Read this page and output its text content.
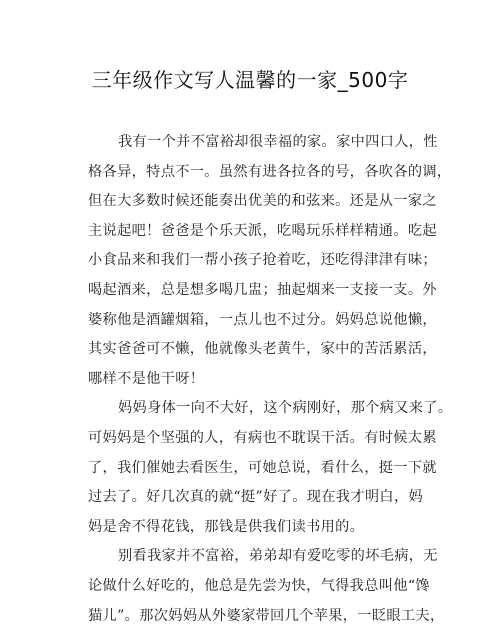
三年级作文写人温馨的一家_500字
我有一个并不富裕却很幸福的家。家中四口人，性
格各异，特点不一。虽然有进各拉各的号，各吹各的调，
但在大多数时候还能奏出优美的和弦来。还是从一家之
主说起吧！爸爸是个乐天派，吃喝玩乐样样精通。吃起
小食品来和我们一帮小孩子抢着吃，还吃得津津有味；
喝起酒来，总是想多喝几盅；抽起烟来一支接一支。外
婆称他是酒罐烟箱，一点儿也不过分。妈妈总说他懒，
其实爸爸可不懒，他就像头老黄牛，家中的苦活累活，
哪样不是他干呀！
妈妈身体一向不大好，这个病刚好，那个病又来了。
可妈妈是个坚强的人，有病也不耽误干活。有时候太累
了，我们催她去看医生，可她总说，看什么，挺一下就
过去了。好几次真的就“挺”好了。现在我才明白，妈
妈是舍不得花钱，那钱是供我们读书用的。
别看我家并不富裕，弟弟却有爱吃零的坏毛病，无
论做什么好吃的，他总是先尝为快，气得我总叫他“馋
猫儿”。那次妈妈从外婆家带回几个苹果，一眨眼工夫，
